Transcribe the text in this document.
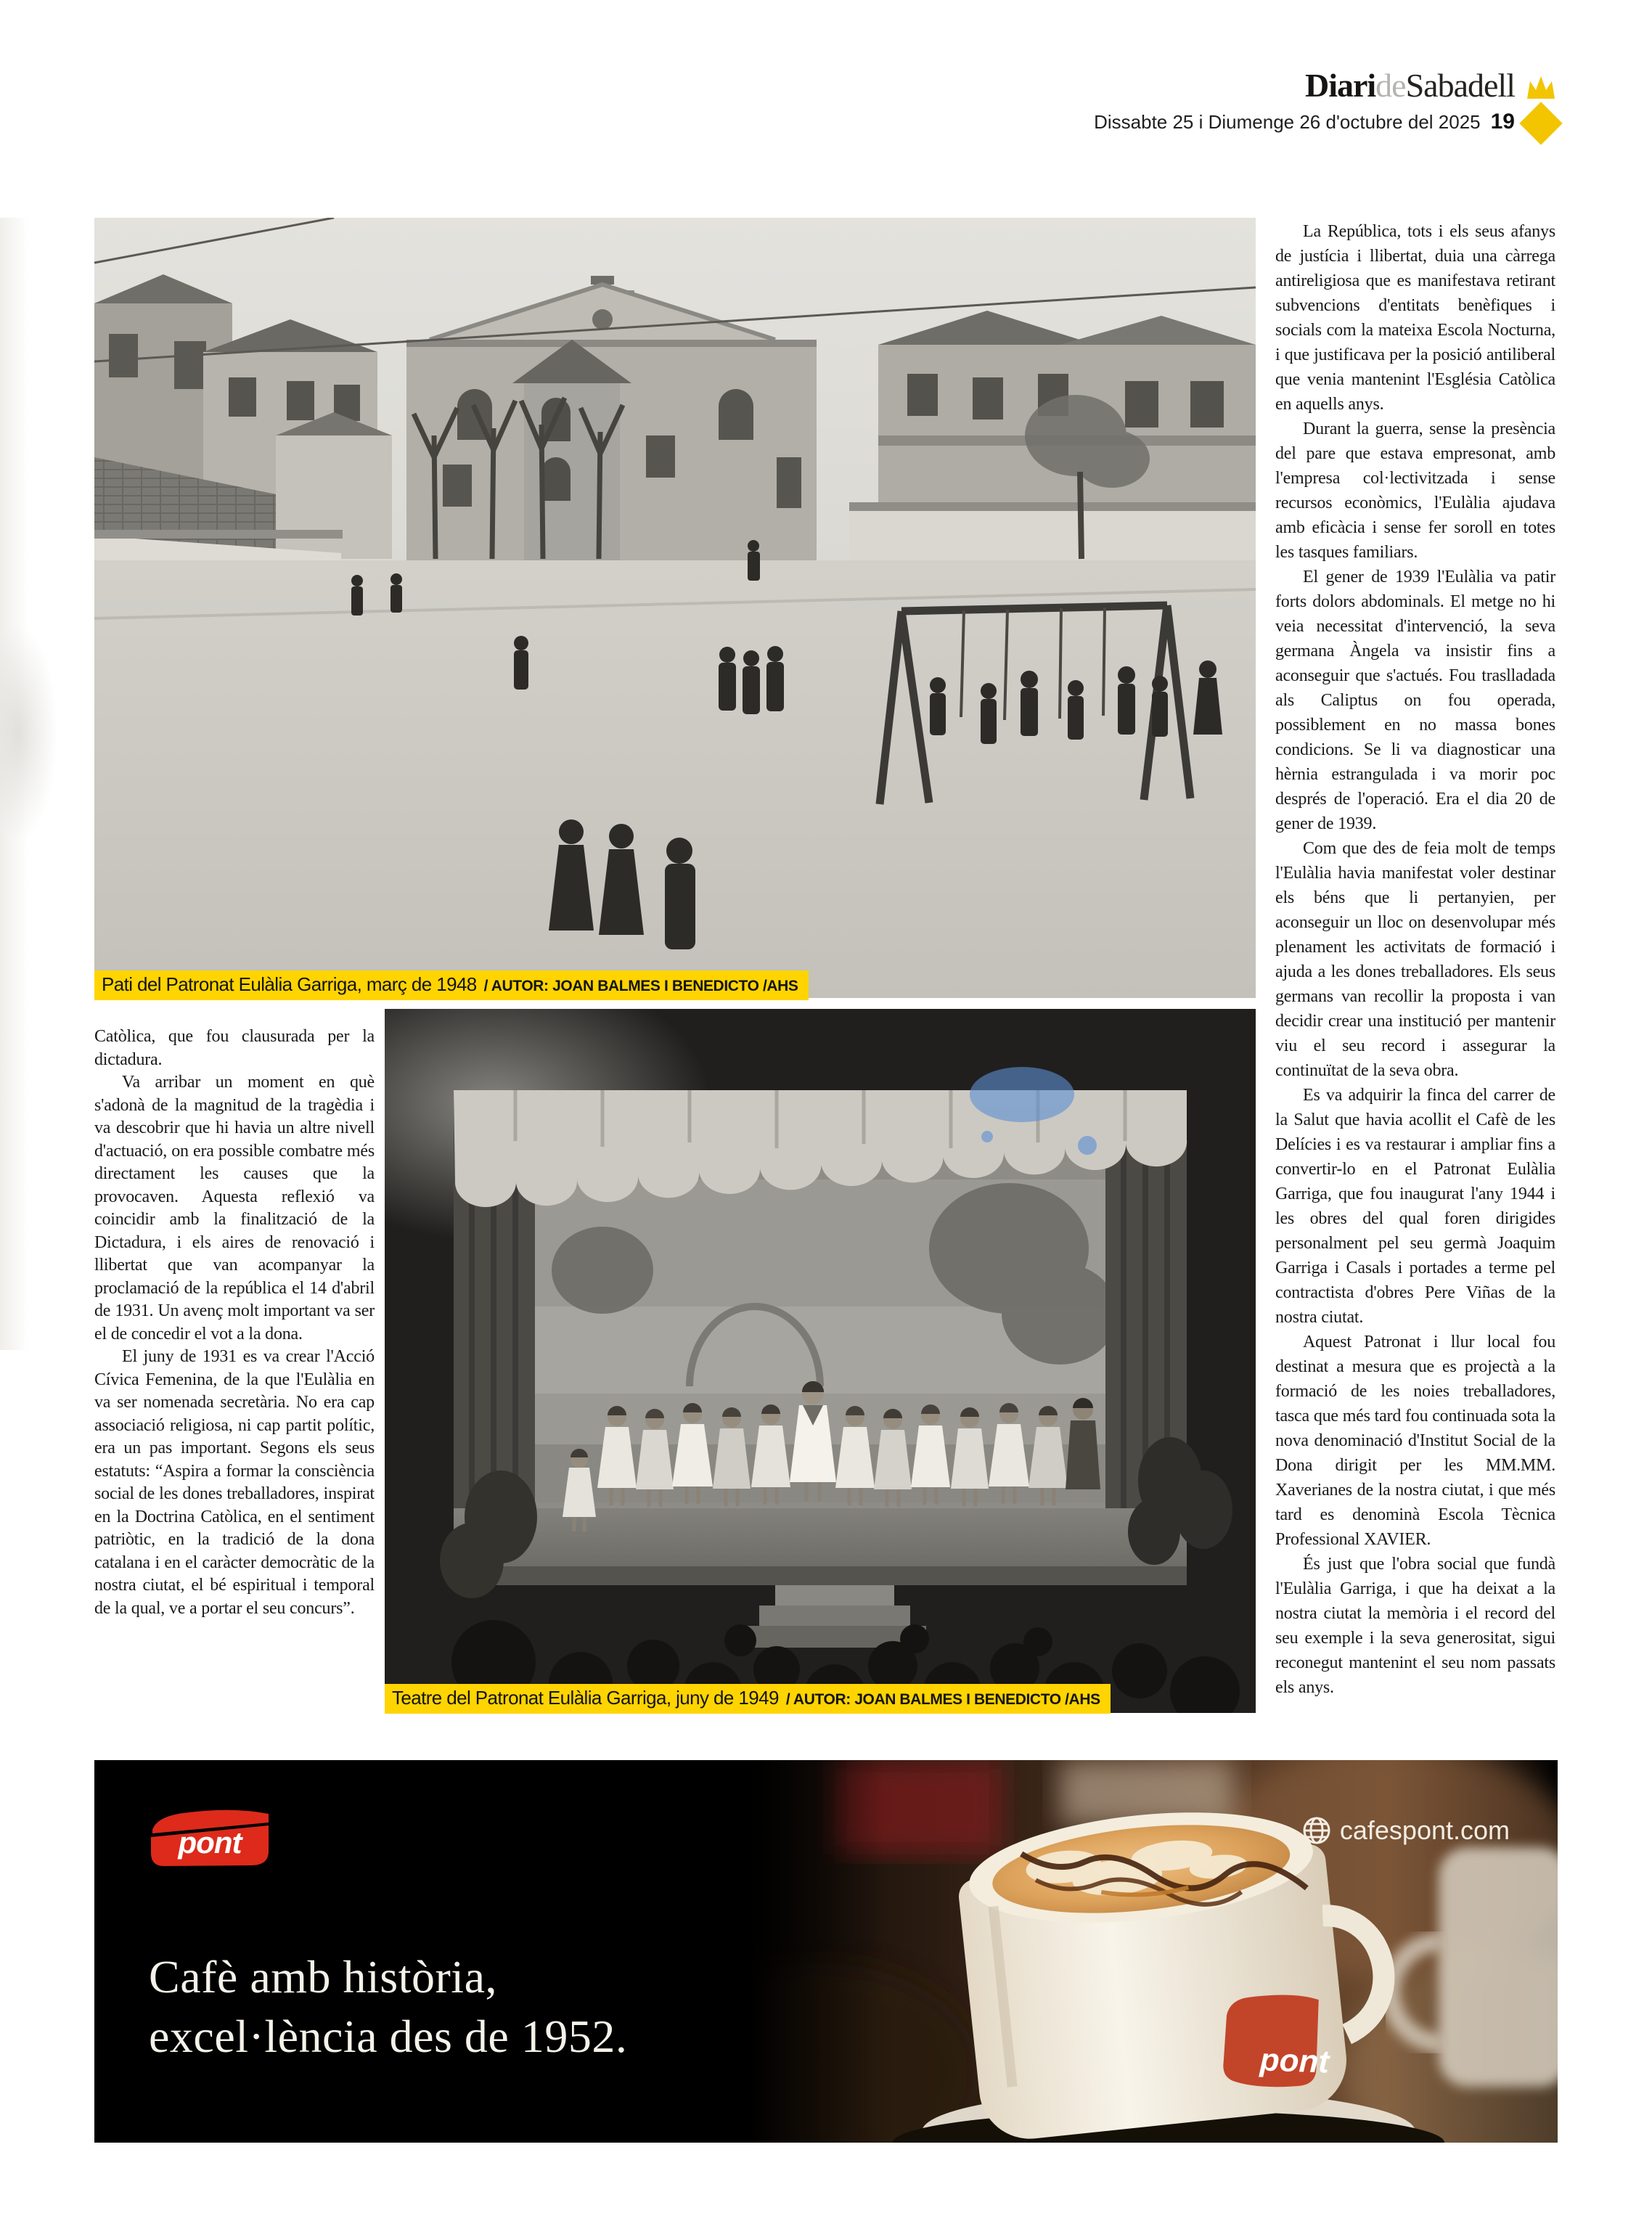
DiarideSabadell
Dissabte 25 i Diumenge 26 d'octubre del 2025 19
Pati del Patronat Eulàlia Garriga, març de 1948 / AUTOR: JOAN BALMES I BENEDICTO /AHS
Teatre del Patronat Eulàlia Garriga, juny de 1949 / AUTOR: JOAN BALMES I BENEDICTO /AHS

Catòlica, que fou clausurada per la dictadura.

Va arribar un moment en què s'adonà de la magnitud de la tragèdia i va descobrir que hi havia un altre nivell d'actuació, on era possible combatre més directament les causes que la provocaven. Aquesta reflexió va coincidir amb la finalització de la Dictadura, i els aires de renovació i llibertat que van acompanyar la proclamació de la república el 14 d'abril de 1931. Un avenç molt important va ser el de concedir el vot a la dona.

El juny de 1931 es va crear l'Acció Cívica Femenina, de la que l'Eulàlia en va ser nomenada secretària. No era cap associació religiosa, ni cap partit polític, era un pas important. Segons els seus estatuts: “Aspira a formar la consciència social de les dones treballadores, inspirat en la Doctrina Catòlica, en el sentiment patriòtic, en la tradició de la dona catalana i en el caràcter democràtic de la nostra ciutat, el bé espiritual i temporal de la qual, ve a portar el seu concurs”.

La República, tots i els seus afanys de justícia i llibertat, duia una càrrega antireligiosa que es manifestava retirant subvencions d'entitats benèfiques i socials com la mateixa Escola Nocturna, i que justificava per la posició antiliberal que venia mantenint l'Església Catòlica en aquells anys.

Durant la guerra, sense la presència del pare que estava empresonat, amb l'empresa col·lectivitzada i sense recursos econòmics, l'Eulàlia ajudava amb eficàcia i sense fer soroll en totes les tasques familiars.

El gener de 1939 l'Eulàlia va patir forts dolors abdominals. El metge no hi veia necessitat d'intervenció, la seva germana Àngela va insistir fins a aconseguir que s'actués. Fou traslladada als Caliptus on fou operada, possiblement en no massa bones condicions. Se li va diagnosticar una hèrnia estrangulada i va morir poc després de l'operació. Era el dia 20 de gener de 1939.

Com que des de feia molt de temps l'Eulàlia havia manifestat voler destinar els béns que li pertanyien, per aconseguir un lloc on desenvolupar més plenament les activitats de formació i ajuda a les dones treballadores. Els seus germans van recollir la proposta i van decidir crear una institució per mantenir viu el seu record i assegurar la continuïtat de la seva obra.

Es va adquirir la finca del carrer de la Salut que havia acollit el Cafè de les Delícies i es va restaurar i ampliar fins a convertir-lo en el Patronat Eulàlia Garriga, que fou inaugurat l'any 1944 i les obres del qual foren dirigides personalment pel seu germà Joaquim Garriga i Casals i portades a terme pel contractista d'obres Pere Viñas de la nostra ciutat.

Aquest Patronat i llur local fou destinat a mesura que es projectà a la formació de les noies treballadores, tasca que més tard fou continuada sota la nova denominació d'Institut Social de la Dona dirigit per les MM.MM. Xaverianes de la nostra ciutat, i que més tard es denominà Escola Tècnica Professional XAVIER.

És just que l'obra social que fundà l'Eulàlia Garriga, i que ha deixat a la nostra ciutat la memòria i el record del seu exemple i la seva generositat, sigui reconegut mantenint el seu nom passats els anys.

pont
pont	cafespont.com
Cafè amb història,
excel·lència des de 1952.
